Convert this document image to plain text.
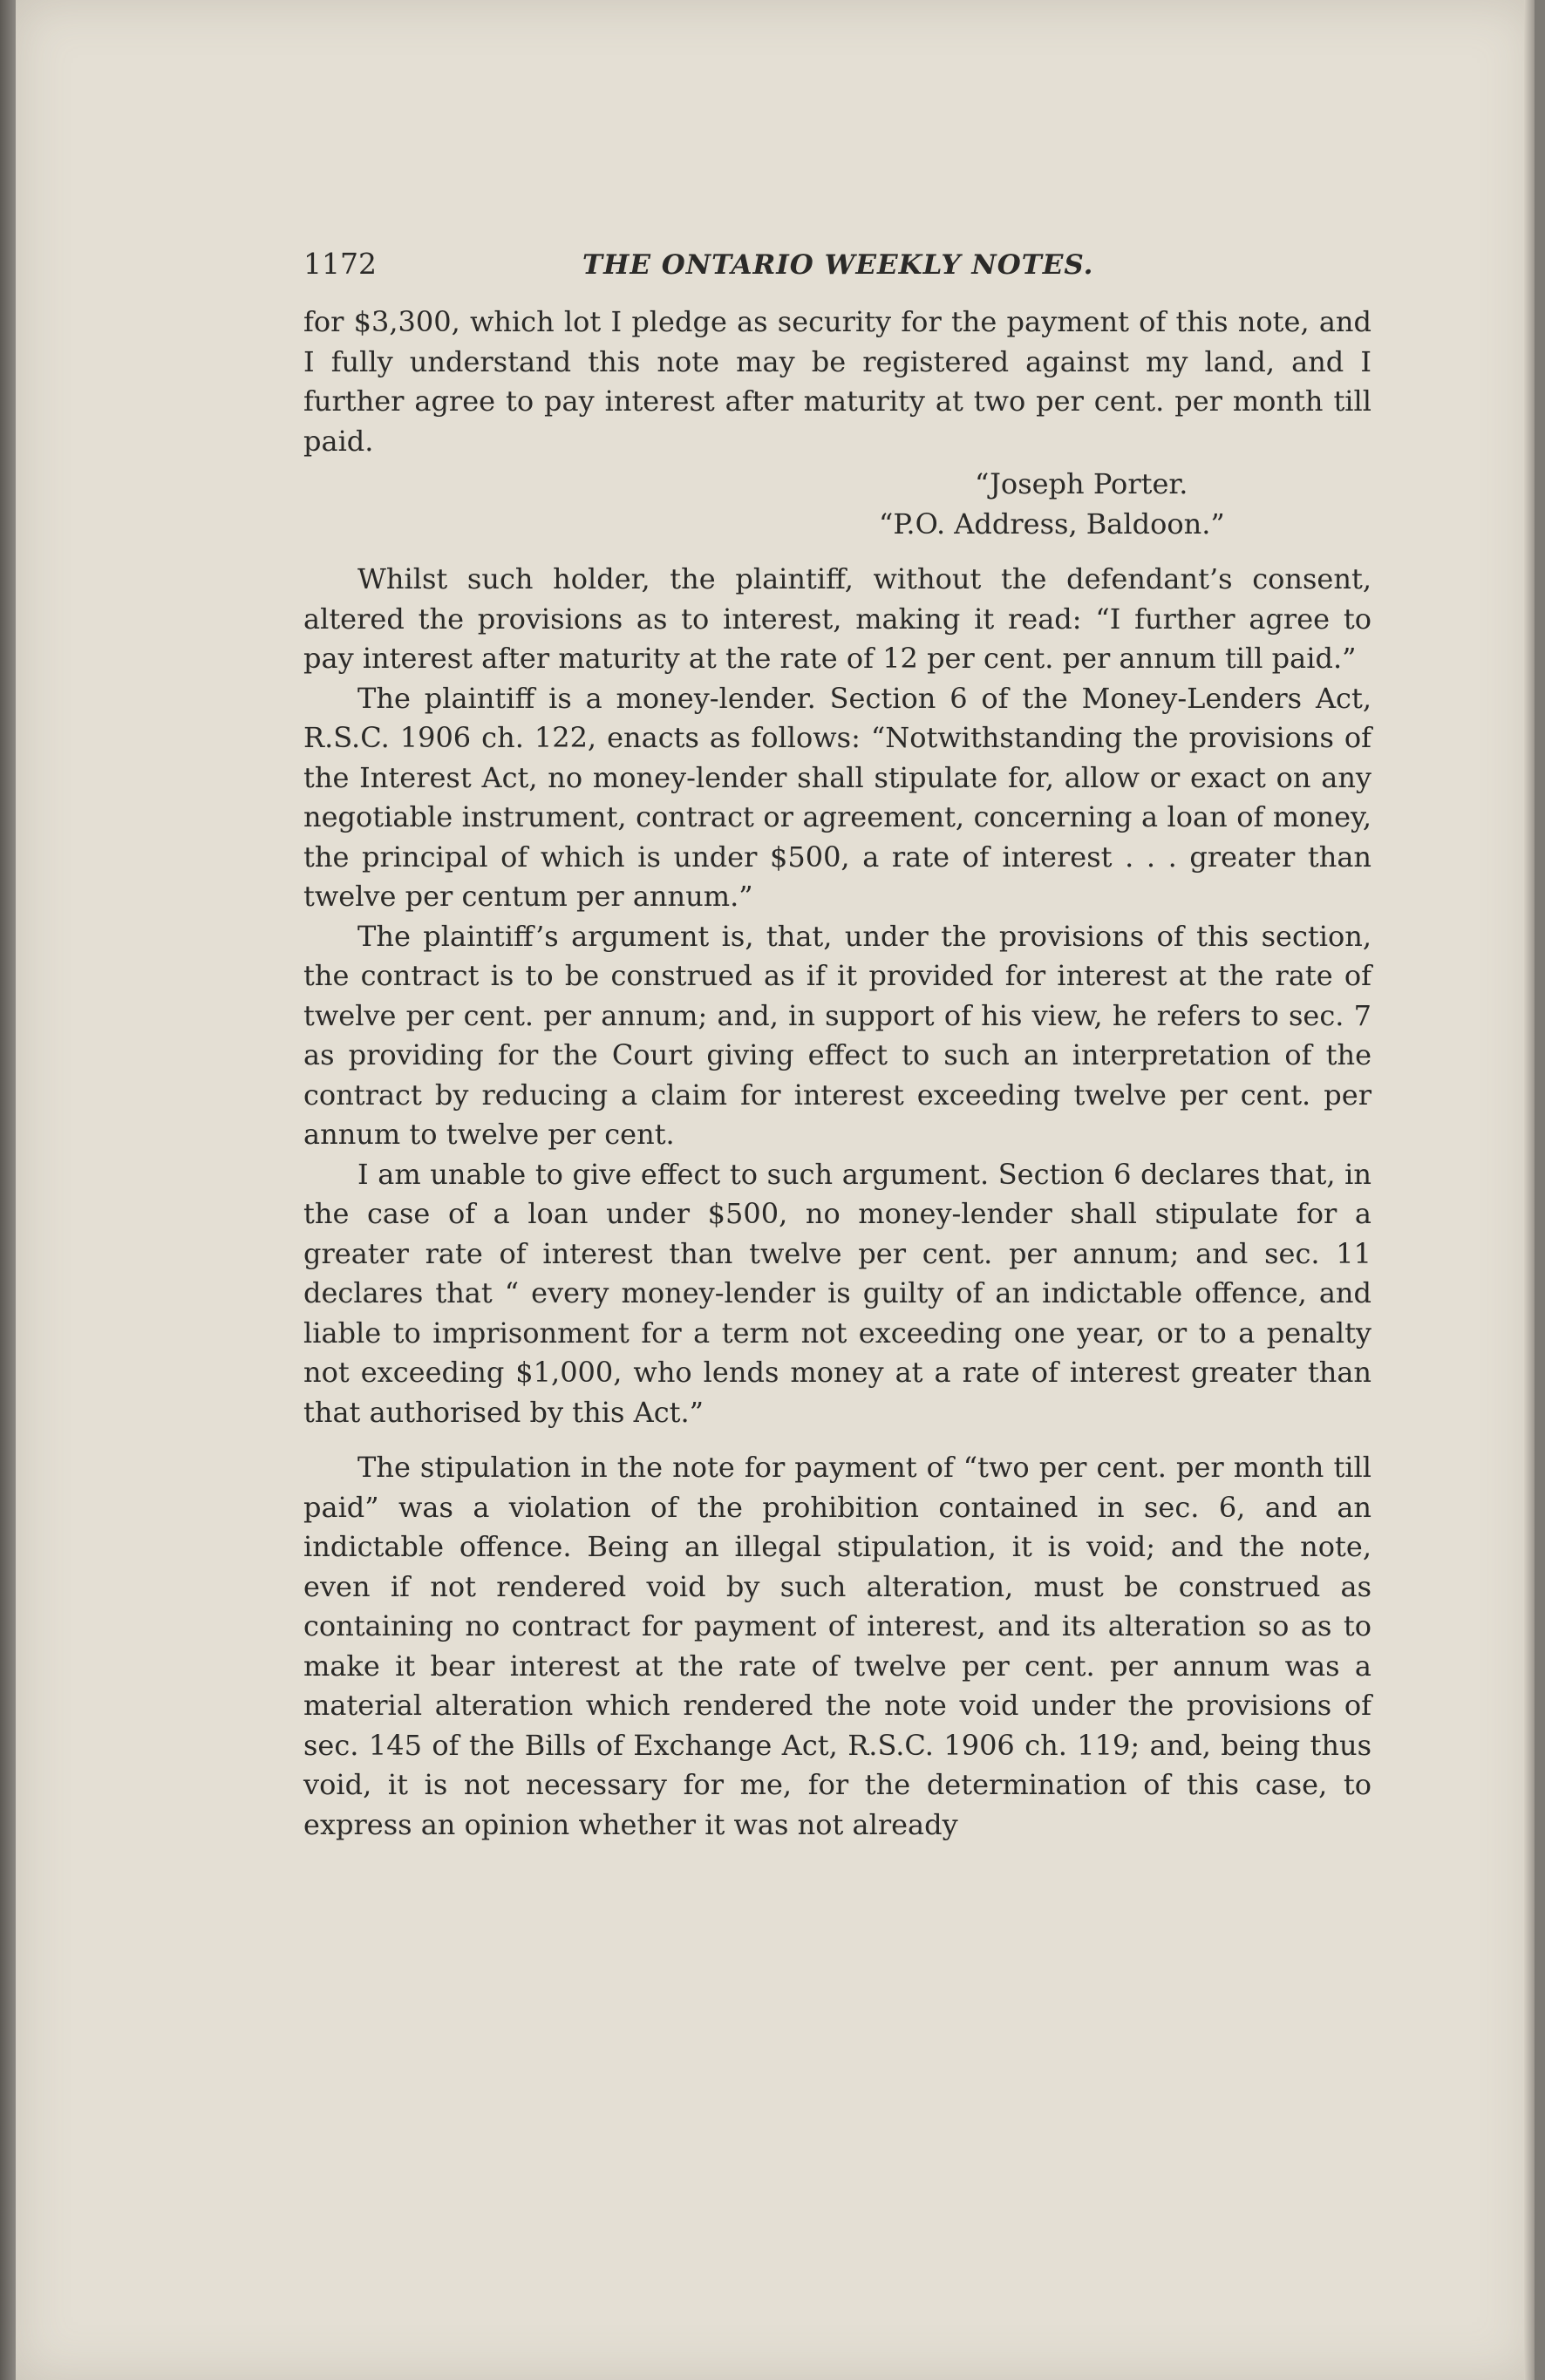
1172	THE ONTARIO WEEKLY NOTES.

for $3,300, which lot I pledge as security for the payment of this note, and I fully understand this note may be registered against my land, and I further agree to pay interest after maturity at two per cent. per month till paid.

“Joseph Porter.
“P.O. Address, Baldoon.”

Whilst such holder, the plaintiff, without the defendant’s consent, altered the provisions as to interest, making it read: “I further agree to pay interest after maturity at the rate of 12 per cent. per annum till paid.”

The plaintiff is a money-lender. Section 6 of the Money-Lenders Act, R.S.C. 1906 ch. 122, enacts as follows: “Notwithstanding the provisions of the Interest Act, no money-lender shall stipulate for, allow or exact on any negotiable instrument, contract or agreement, concerning a loan of money, the principal of which is under $500, a rate of interest . . . greater than twelve per centum per annum.”

The plaintiff’s argument is, that, under the provisions of this section, the contract is to be construed as if it provided for interest at the rate of twelve per cent. per annum; and, in support of his view, he refers to sec. 7 as providing for the Court giving effect to such an interpretation of the contract by reducing a claim for interest exceeding twelve per cent. per annum to twelve per cent.

I am unable to give effect to such argument. Section 6 declares that, in the case of a loan under $500, no money-lender shall stipulate for a greater rate of interest than twelve per cent. per annum; and sec. 11 declares that “ every money-lender is guilty of an indictable offence, and liable to imprisonment for a term not exceeding one year, or to a penalty not exceeding $1,000, who lends money at a rate of interest greater than that authorised by this Act.”

The stipulation in the note for payment of “two per cent. per month till paid” was a violation of the prohibition contained in sec. 6, and an indictable offence. Being an illegal stipulation, it is void; and the note, even if not rendered void by such alteration, must be construed as containing no contract for payment of interest, and its alteration so as to make it bear interest at the rate of twelve per cent. per annum was a material alteration which rendered the note void under the provisions of sec. 145 of the Bills of Exchange Act, R.S.C. 1906 ch. 119; and, being thus void, it is not necessary for me, for the determination of this case, to express an opinion whether it was not already
